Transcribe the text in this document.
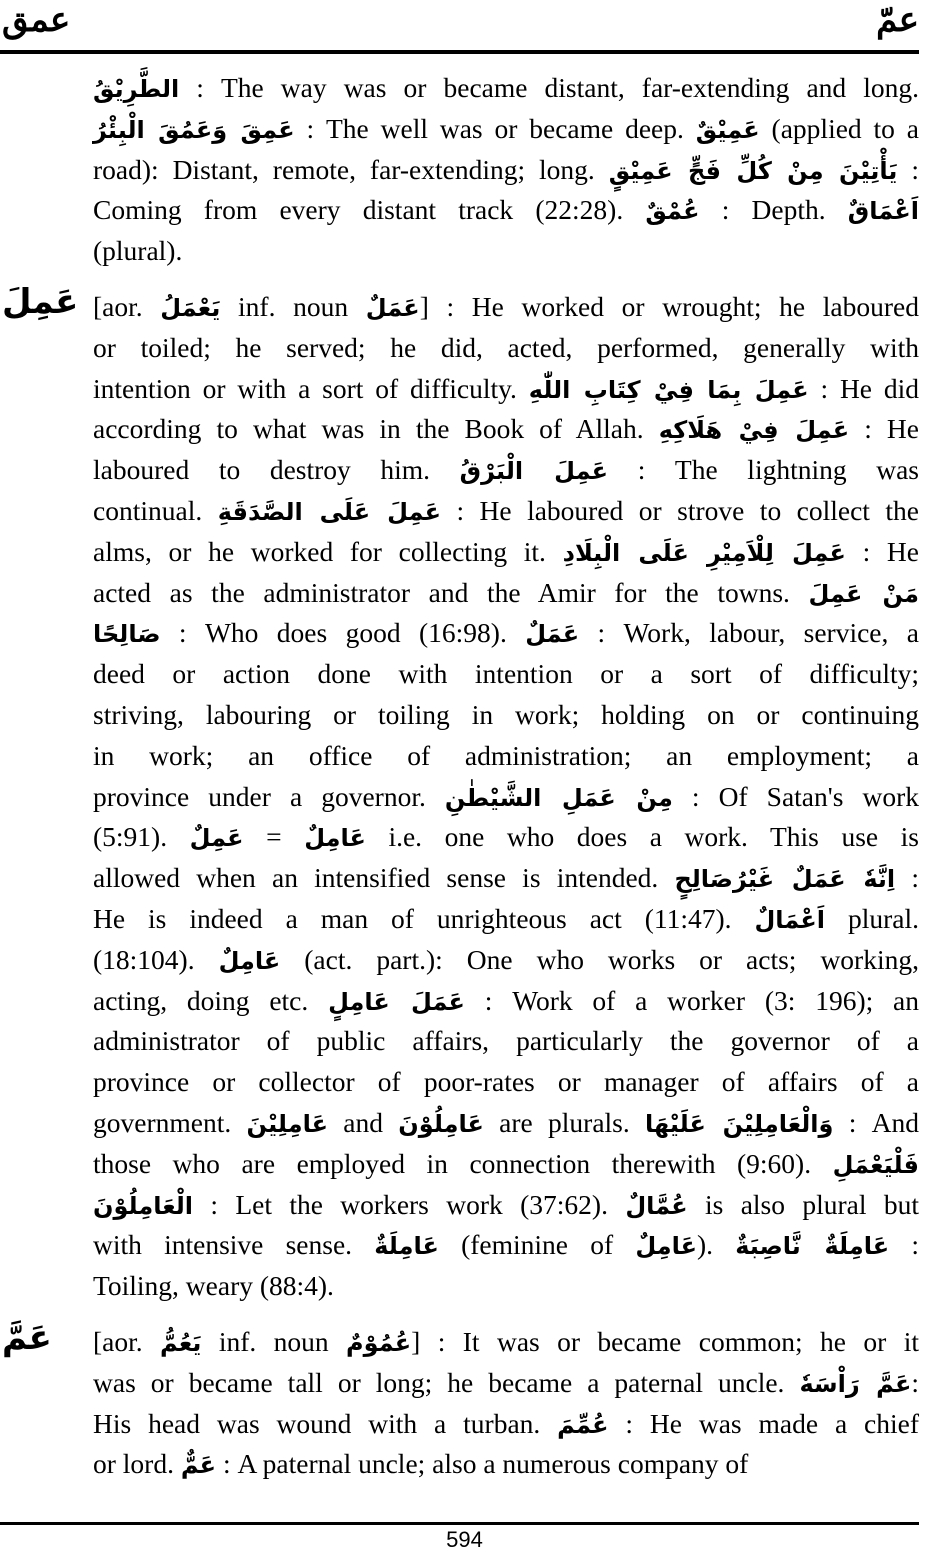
عمق	عمّ
الطَّرِيْقُ : The way was or became distant, far-extending and long.
عَمِقَ وَعَمُقَ الْبِئْرُ : The well was or became deep. عَمِيْقٌ (applied to a
road): Distant, remote, far-extending; long. يَأْتِيْنَ مِنْ كُلِّ فَجٍّ عَمِيْقٍ :
Coming from every distant track (22:28). عُمْقٌ : Depth. اَعْمَاقٌ
(plural).
عَمِلَ [aor. يَعْمَلُ inf. noun عَمَلٌ] : He worked or wrought; he laboured
or toiled; he served; he did, acted, performed, generally with
intention or with a sort of difficulty. عَمِلَ بِمَا فِيْ كِتَابِ اللّٰهِ : He did
according to what was in the Book of Allah. عَمِلَ فِيْ هَلَاكِهِ : He
laboured to destroy him. عَمِلَ الْبَرْقُ : The lightning was
continual. عَمِلَ عَلَى الصَّدَقَةِ : He laboured or strove to collect the
alms, or he worked for collecting it. عَمِلَ لِلْاَمِيْرِ عَلَى الْبِلَادِ : He
acted as the administrator and the Amir for the towns. مَنْ عَمِلَ
صَالِحًا : Who does good (16:98). عَمَلٌ : Work, labour, service, a
deed or action done with intention or a sort of difficulty;
striving, labouring or toiling in work; holding on or continuing
in work; an office of administration; an employment; a
province under a governor. مِنْ عَمَلِ الشَّيْطٰنِ : Of Satan's work
(5:91). عَمِلٌ = عَامِلٌ i.e. one who does a work. This use is
allowed when an intensified sense is intended. اِنَّهٗ عَمَلٌ غَيْرُصَالِحٍ :
He is indeed a man of unrighteous act (11:47). اَعْمَالٌ plural.
(18:104). عَامِلٌ (act. part.): One who works or acts; working,
acting, doing etc. عَمَلَ عَامِلٍ : Work of a worker (3: 196); an
administrator of public affairs, particularly the governor of a
province or collector of poor-rates or manager of affairs of a
government. عَامِلِيْنَ and عَامِلُوْنَ are plurals. وَالْعَامِلِيْنَ عَلَيْهَا : And
those who are employed in connection therewith (9:60). فَلْيَعْمَلِ
الْعَامِلُوْنَ : Let the workers work (37:62). عُمَّالٌ is also plural but
with intensive sense. عَامِلَةٌ (feminine of عَامِلٌ). عَامِلَةٌ نَّاصِبَةٌ :
Toiling, weary (88:4).
عَمَّ [aor. يَعُمُّ inf. noun عُمُوْمٌ] : It was or became common; he or it
was or became tall or long; he became a paternal uncle. عَمَّ رَاْسَهٗ:
His head was wound with a turban. عُمِّمَ : He was made a chief
or lord. عَمٌّ : A paternal uncle; also a numerous company of
594
